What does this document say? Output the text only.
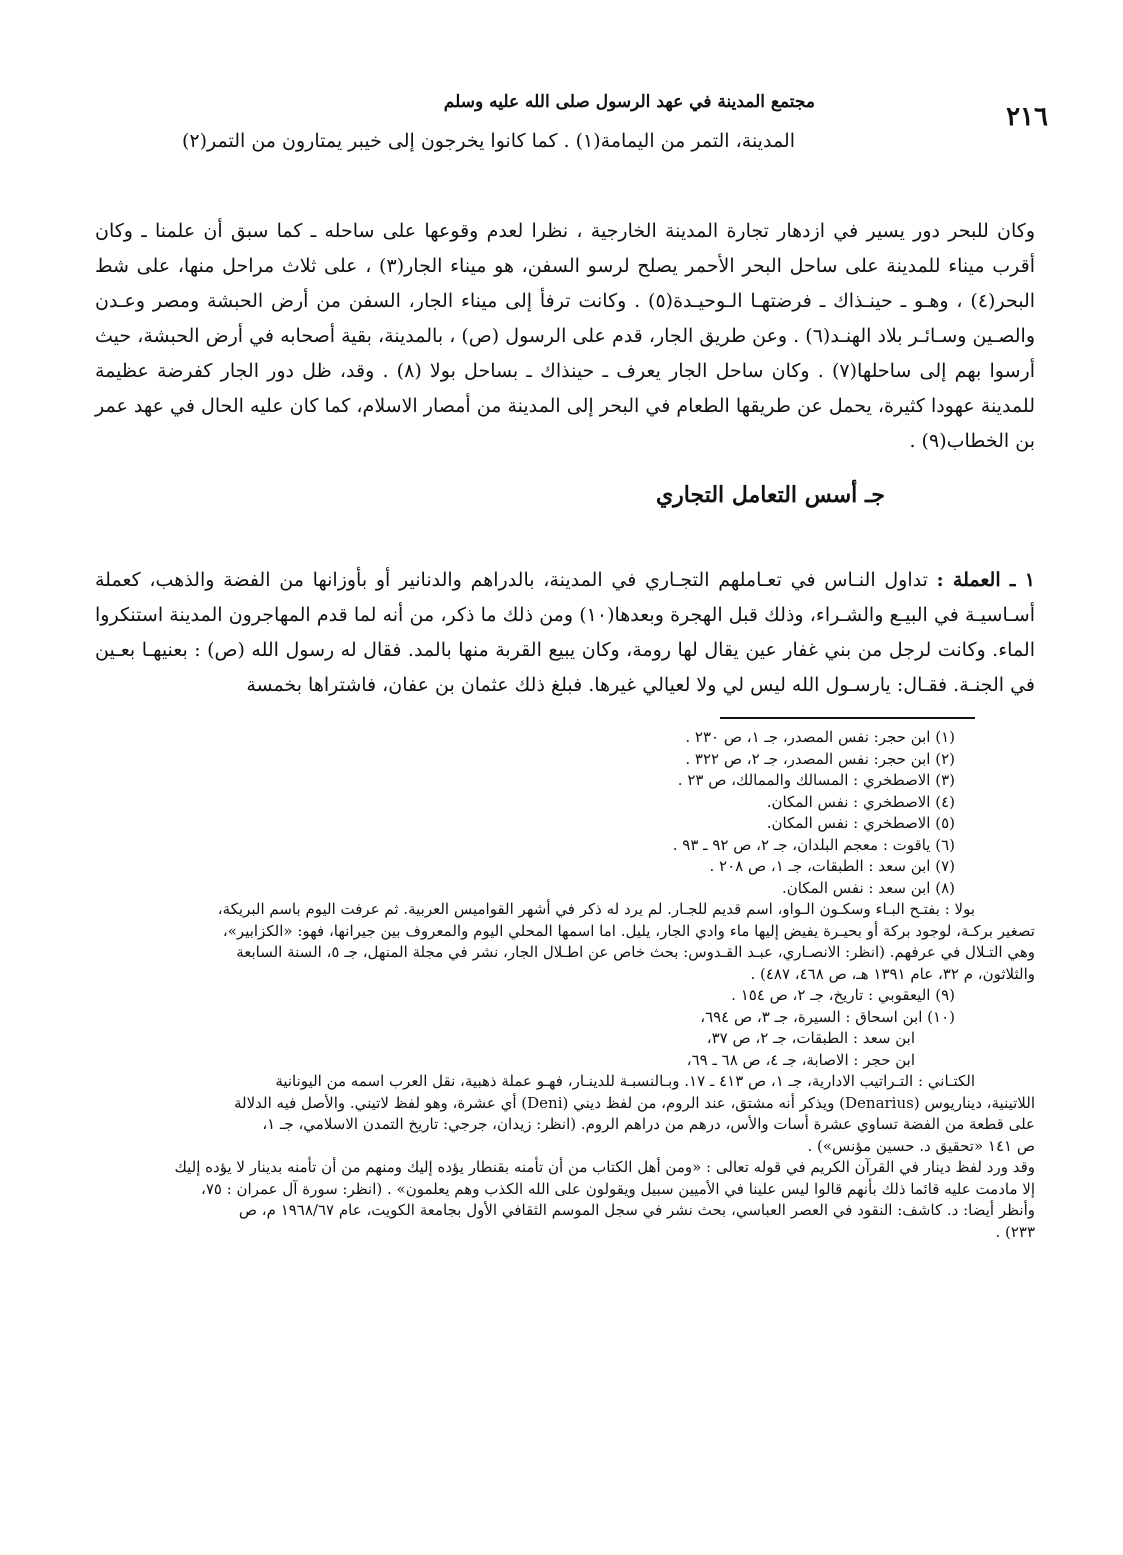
٢١٦
مجتمع المدينة في عهد الرسول صلى الله عليه وسلم

المدينة، التمر من اليمامة(١) . كما كانوا يخرجون إلى خيبر يمتارون من التمر(٢)

وكان للبحر دور يسير في ازدهار تجارة المدينة الخارجية ، نظرا لعدم وقوعها على ساحله ـ كما سبق أن علمنا ـ وكان أقرب ميناء للمدينة على ساحل البحر الأحمر يصلح لرسو السفن، هو ميناء الجار(٣) ، على ثلاث مراحل منها، على شط البحر(٤) ، وهـو ـ حينـذاك ـ فرضتهـا الـوحيـدة(٥) . وكانت ترفأ إلى ميناء الجار، السفن من أرض الحبشة ومصر وعـدن والصـين وسـائـر بلاد الهنـد(٦) . وعن طريق الجار، قدم على الرسول (ص) ، بالمدينة، بقية أصحابه في أرض الحبشة، حيث أرسوا بهم إلى ساحلها(٧) . وكان ساحل الجار يعرف ـ حينذاك ـ بساحل بولا (٨) . وقد، ظل دور الجار كفرضة عظيمة للمدينة عهودا كثيرة، يحمل عن طريقها الطعام في البحر إلى المدينة من أمصار الاسلام، كما كان عليه الحال في عهد عمر بن الخطاب(٩) .

جـ أسس التعامل التجاري

١ ـ العملة : تداول النـاس في تعـاملهم التجـاري في المدينة، بالدراهم والدنانير أو بأوزانها من الفضة والذهب، كعملة أسـاسيـة في البيـع والشـراء، وذلك قبل الهجرة وبعدها(١٠) ومن ذلك ما ذكر، من أنه لما قدم المهاجرون المدينة استنكروا الماء. وكانت لرجل من بني غفار عين يقال لها رومة، وكان يبيع القربة منها بالمد. فقال له رسول الله (ص) : بعنيهـا بعـين في الجنـة. فقـال: يارسـول الله ليس لي ولا لعيالي غيرها. فبلغ ذلك عثمان بن عفان، فاشتراها بخمسة

(١) ابن حجر: نفس المصدر، جـ ١، ص ٢٣٠ .

(٢) ابن حجر: نفس المصدر، جـ ٢، ص ٣٢٢ .

(٣) الاصطخري : المسالك والممالك، ص ٢٣ .

(٤) الاصطخري : نفس المكان.

(٥) الاصطخري : نفس المكان.

(٦) ياقوت : معجم البلدان، جـ ٢، ص ٩٢ ـ ٩٣ .

(٧) ابن سعد : الطبقات، جـ ١، ص ٢٠٨ .

(٨) ابن سعد : نفس المكان.

بولا : بفتـح البـاء وسكـون الـواو، اسم قديم للجـار. لم يرد له ذكر في أشهر القواميس العربية. ثم عرفت اليوم باسم البريكة،

تصغير بركـة، لوجود بركة أو بحيـرة يفيض إليها ماء وادي الجار، يليل. اما اسمها المحلي اليوم والمعروف بين جيرانها، فهو: «الكزابير»،

وهي التـلال في عرفهم. (انظر: الانصـاري، عبـد القـدوس: بحث خاص عن اطـلال الجار، نشر في مجلة المنهل، جـ ٥، السنة السابعة

والثلاثون، م ٣٢، عام ١٣٩١ هـ، ص ٤٦٨، ٤٨٧) .

(٩) اليعقوبي : تاريخ، جـ ٢، ص ١٥٤ .

(١٠) ابن اسحاق : السيرة، جـ ٣، ص ٦٩٤،

ابن سعد : الطبقات، جـ ٢، ص ٣٧،

ابن حجر : الاصابة، جـ ٤، ص ٦٨ ـ ٦٩،

الكتـاني : التـراتيب الادارية، جـ ١، ص ٤١٣ ـ ١٧. وبـالنسبـة للدينـار، فهـو عملة ذهبية، نقل العرب اسمه من اليونانية

اللاتينية، ديناريوس (Denarius) ويذكر أنه مشتق، عند الروم، من لفظ ديني (Deni) أي عشرة، وهو لفظ لاتيني. والأصل فيه الدلالة

على قطعة من الفضة تساوي عشرة أسات والأس، درهم من دراهم الروم. (انظر: زيدان، جرجي: تاريخ التمدن الاسلامي، جـ ١،

ص ١٤١ «تحقيق د. حسين مؤنس») .

وقد ورد لفظ دينار في القرآن الكريم في قوله تعالى : «ومن أهل الكتاب من أن تأمنه بقنطار يؤده إليك ومنهم من أن تأمنه بدينار لا يؤده إليك

إلا مادمت عليه قائما ذلك بأنهم قالوا ليس علينا في الأميين سبيل ويقولون على الله الكذب وهم يعلمون» . (انظر: سورة آل عمران : ٧٥،

وأنظر أيضا: د. كاشف: النقود في العصر العباسي، بحث نشر في سجل الموسم الثقافي الأول بجامعة الكويت، عام ١٩٦٨/٦٧ م، ص

٢٣٣) .
